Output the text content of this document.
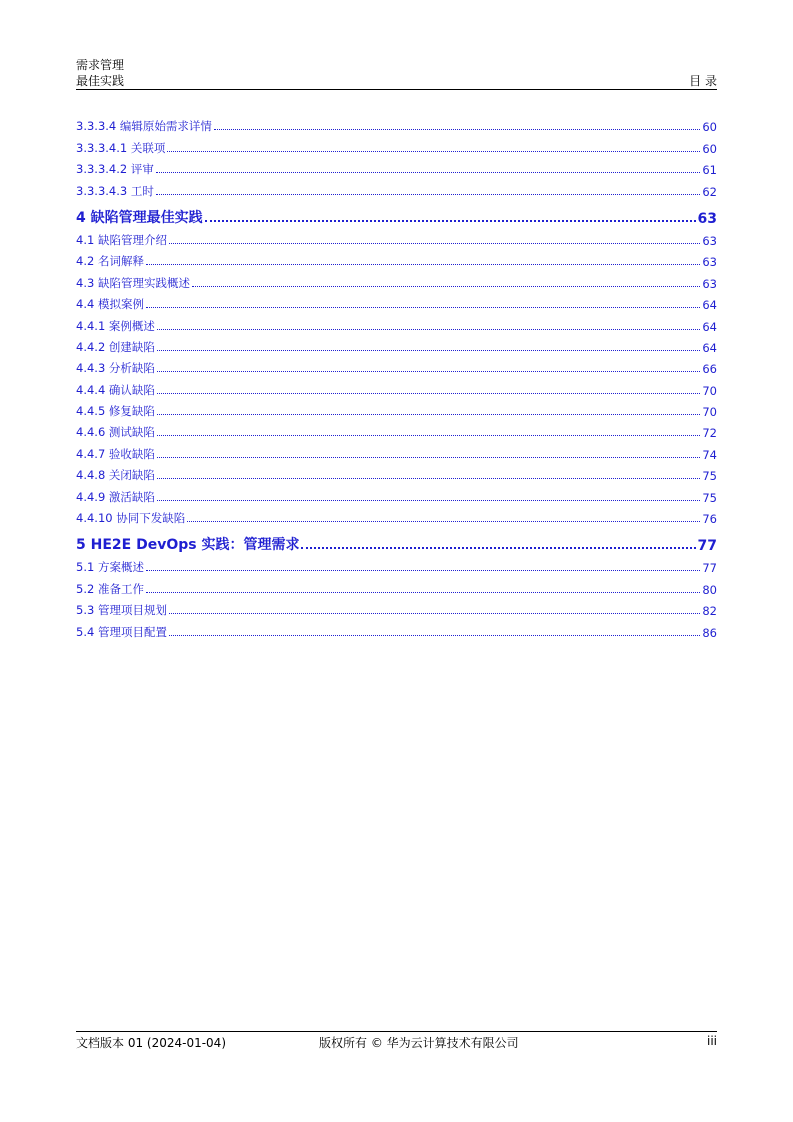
需求管理
最佳实践	目 录
3.3.3.4 编辑原始需求详情	60
3.3.3.4.1 关联项	60
3.3.3.4.2 评审	61
3.3.3.4.3 工时	62
4 缺陷管理最佳实践	63
4.1 缺陷管理介绍	63
4.2 名词解释	63
4.3 缺陷管理实践概述	63
4.4 模拟案例	64
4.4.1 案例概述	64
4.4.2 创建缺陷	64
4.4.3 分析缺陷	66
4.4.4 确认缺陷	70
4.4.5 修复缺陷	70
4.4.6 测试缺陷	72
4.4.7 验收缺陷	74
4.4.8 关闭缺陷	75
4.4.9 激活缺陷	75
4.4.10 协同下发缺陷	76
5 HE2E DevOps 实践：管理需求	77
5.1 方案概述	77
5.2 准备工作	80
5.3 管理项目规划	82
5.4 管理项目配置	86
文档版本 01 (2024-01-04)	版权所有 © 华为云计算技术有限公司	iii
